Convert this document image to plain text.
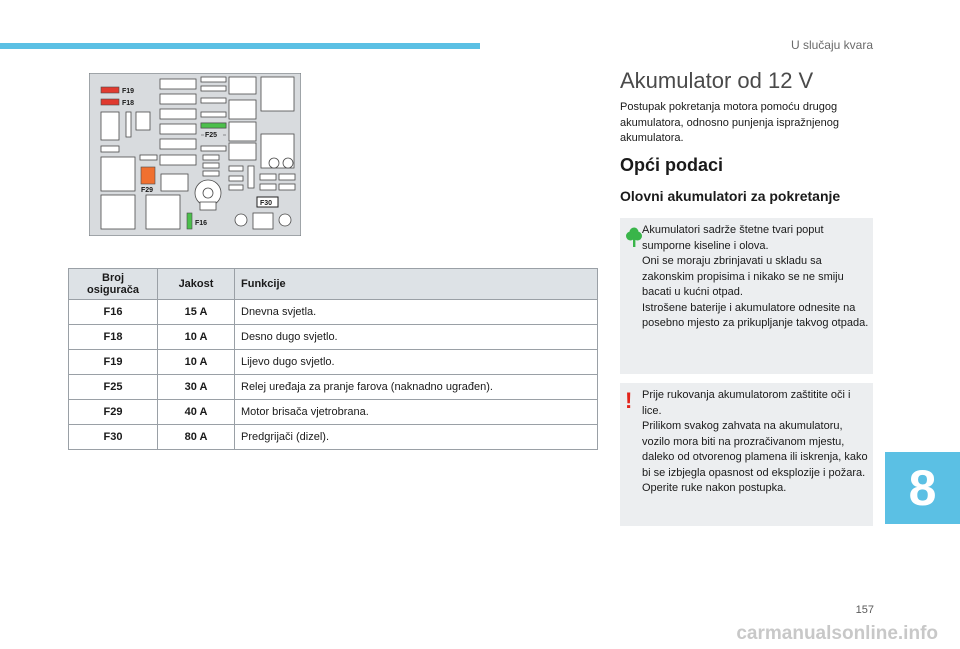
U slučaju kvara
F19
F18
F25
F29
F16
F30
Broj osigurača	Jakost	Funkcije
F16	15 A	Dnevna svjetla.
F18	10 A	Desno dugo svjetlo.
F19	10 A	Lijevo dugo svjetlo.
F25	30 A	Relej uređaja za pranje farova (naknadno ugrađen).
F29	40 A	Motor brisača vjetrobrana.
F30	80 A	Predgrijači (dizel).
Akumulator od 12 V

Postupak pokretanja motora pomoću drugog akumulatora, odnosno punjenja ispražnjenog akumulatora.

Opći podaci
Olovni akumulatori za pokretanje

Akumulatori sadrže štetne tvari poput sumporne kiseline i olova.

Oni se moraju zbrinjavati u skladu sa zakonskim propisima i nikako se ne smiju bacati u kućni otpad.

Istrošene baterije i akumulatore odnesite na posebno mjesto za prikupljanje takvog otpada.

! Prije rukovanja akumulatorom zaštitite oči i lice.

Prilikom svakog zahvata na akumulatoru, vozilo mora biti na prozračivanom mjestu, daleko od otvorenog plamena ili iskrenja, kako bi se izbjegla opasnost od eksplozije i požara.

Operite ruke nakon postupka.	8
157
carmanualsonline.info
